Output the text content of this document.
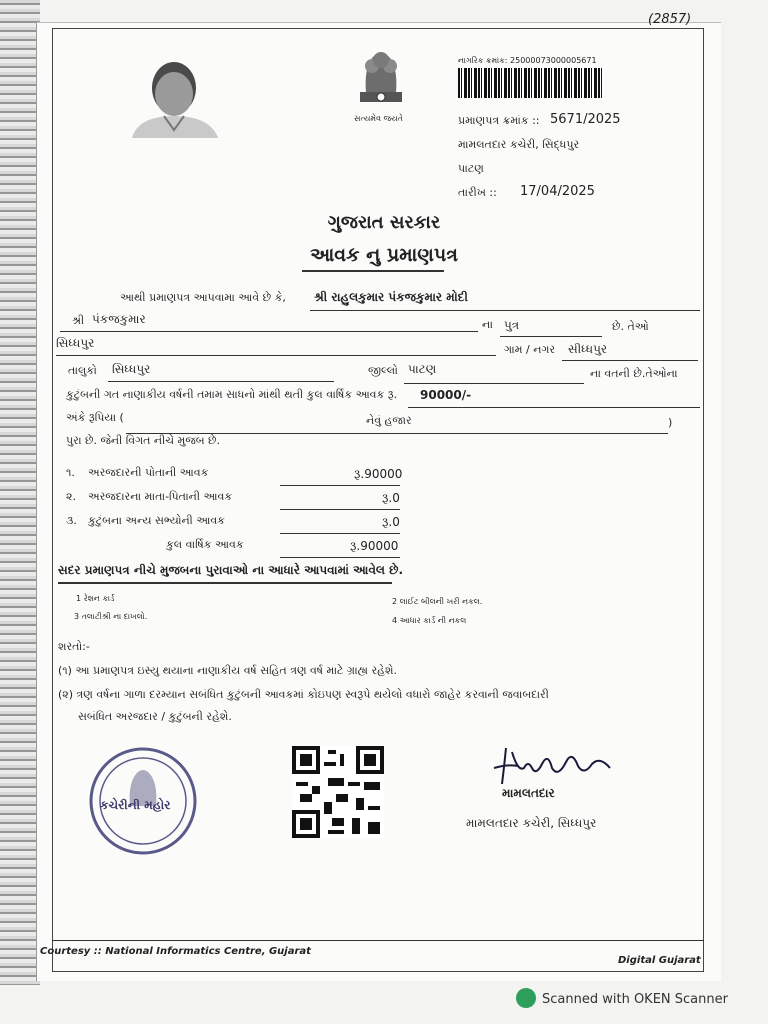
(2857)
સત્યમેવ જયતે
નાગરિક ક્રમાંક: 25000073000005671
પ્રમાણપત્ર ક્રમાંક :: 5671/2025
મામલતદાર કચેરી, સિદ્ધપુર
પાટણ
તારીખ :: 17/04/2025
ગુજરાત સરકાર
આવક નુ પ્રમાણપત્ર
આથી પ્રમાણપત્ર આપવામા આવે છે કે, શ્રી રાહુલકુમાર પંકજકુમાર મોદી
શ્રી પંકજકુમાર	ના પુત્ર	છે. તેઓ
સિધ્ધપુર	ગામ / નગર સીધ્ધપુર
તાલુકો સિધ્ધપુર	જીલ્લો પાટણ	ના વતની છે.તેઓના
કુટુંબની ગત નાણાકીય વર્ષની તમામ સાધનો માંથી થતી કુલ વાર્ષિક આવક રૂ. 90000/-
અંકે રૂપિયા (	નેવું હજાર	)
પુરા છે. જેની વિગત નીચે મુજબ છે.
૧. અરજદારની પોતાની આવક	રૂ.90000
૨. અરજદારના માતા-પિતાની આવક	રૂ.0
૩. કુટુંબના અન્ય સભ્યોની આવક	રૂ.0
કુલ વાર્ષિક આવક	રૂ.90000
સદર પ્રમાણપત્ર નીચે મુજબના પુરાવાઓ ના આધારે આપવામાં આવેલ છે.
1 રેશન કાર્ડ	2 લાઈટ બીલની ખરી નકલ.
3 તલાટીશ્રી ના દાખલો.	4 આધાર કાર્ડ ની નકલ
શરતો:-
(૧) આ પ્રમાણપત્ર ઇસ્યુ થયાના નાણાકીય વર્ષ સહિત ત્રણ વર્ષ માટે ગ્રાહ્ય રહેશે.
(૨) ત્રણ વર્ષના ગાળા દરમ્યાન સબંધિત કુટુંબની આવકમાં કોઇપણ સ્વરૂપે થયેલો વધારો જાહેર કરવાની જવાબદારી
સબંધિત અરજદાર / કુટુંબની રહેશે.
કચેરીની મહોર
મામલતદાર
મામલતદાર કચેરી, સિધ્ધપુર
Courtesy :: National Informatics Centre, Gujarat
Digital Gujarat
Scanned with OKEN Scanner
